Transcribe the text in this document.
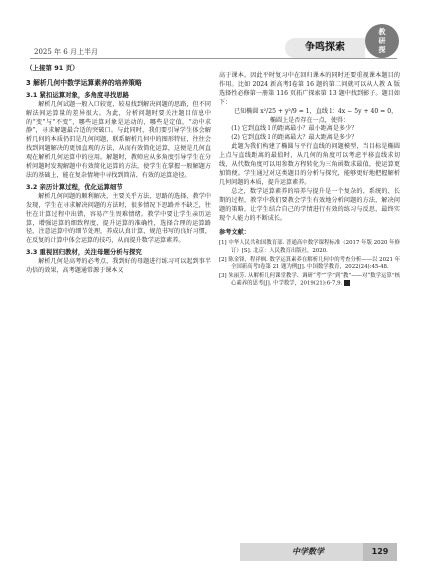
2025 年 6 月上半月	争鸣探索
教
研
探
（上接第 91 页）
3 解析几何中数学运算素养的培养策略
3.1 紧扣运算对象，多角度寻找思路

解析几何试题一般入口较宽，较易找到解决问题的思路，但不同解法间运算量的差异很大。为此，分析问题时要关注题目信息中的“变”与“不变”，哪些运算对象是运动的，哪些是定值，“动中求静”，寻求解题最合适的突破口。与此同时，我们要引导学生体会解析几何的本质仍旧是几何问题，联系解析几何中的图形特征，往往会找到问题解决的更加直观的方法，从而有效简化运算，这便是几何直观在解析几何运算中的应用。解题时，教师应从多角度引导学生在分析问题时发现解题中有效简化运算的方法，使学生在掌握一般解题方法的基础上，能在复杂情境中寻找到简洁、有效的运算途径。

3.2 亲历计算过程，优化运算细节

解析几何问题的顺利解决，主要关乎方法、思路的选择、教学中发现，学生在寻求解决问题的方法时，很多情况下思路并不缺乏，往往在计算过程中出错，容易产生畏难情绪。教学中要让学生亲历运算，增强运算的细致程度，提升运算的准确性，选择合理的运算路径，注意运算中的细节处理，养成认真计算、规范书写的良好习惯，在反复的计算中体会运算的技巧，从而提升数学运算素养。

3.3 重视回归教材，关注母题分析与探究

解析几何是高考的必考点，我到好的母题进行练习可以起到事半功倍的效果，高考题通常源于课本又

高于课本，因此平时复习中在回归课本的同时还要重视课本题目的作用。比如 2024 新高考Ⅰ卷第 16 题的第二问就可以从人教 A 版选择性必修第一册第 116 页拓广探索第 13 题中找到影子。题目如下：

已知椭圆 x²/25 + y²/9 = 1，直线 l：4x − 5y + 40 = 0，椭圆上是否存在一点，使得：

(1) 它到直线 l 的距离最小？最小距离是多少？

(2) 它到直线 l 的距离最大？最大距离是多少？

此题为我们构建了椭圆与平行直线的问题模型，当目标是椭圆上点与直线距离的最值时，从几何的角度可以考虑平移直线求切线，从代数角度可以用参数方程转化为三角函数求最值，使运算更加简便。学生通过对这类题目的分析与探究，能够更好地把握解析几何问题的本质，提升运算素养。

总之，数学运算素养的培养与提升是一个复杂的、系统的、长期的过程，教学中我们要教会学生有效地分析问题的方法，解决问题的策略，让学生结合自己的学情进行有效的练习与反思，最终实现个人能力的不断成长。

参考文献：
[1] 中华人民共和国教育部. 普通高中数学课程标准（2017 年版 2020 年修订）[S]. 北京：人民教育出版社，2020.
[2] 陈金锋，程祥枫. 数学运算素养在解析几何中的考查分析——以 2021 年全国新高考Ⅰ卷第 21 题为例[J]. 中国数学教育，2022(24):45-48.
[3] 朱丽芳. 从解析几何课堂教学、调研“考”“学”到“教”——对“数学运算”核心素养的思考[J]. 中学数学，2019(21):6-7,9.
中学数学	129
